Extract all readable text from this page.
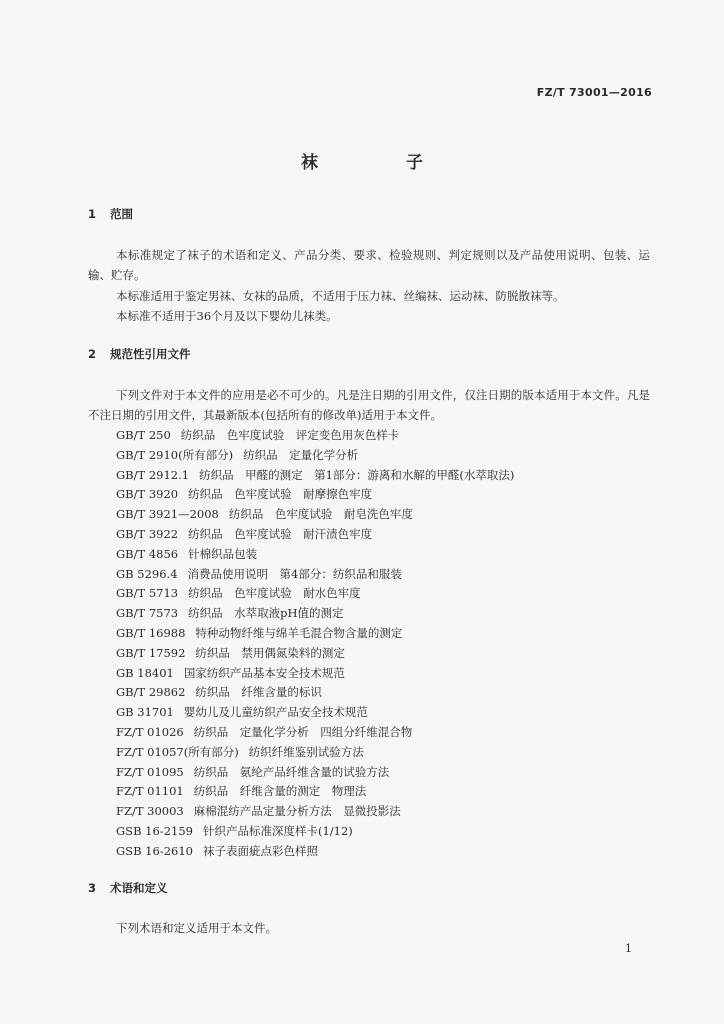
FZ/T 73001—2016
袜子
1 范围
本标准规定了袜子的术语和定义、产品分类、要求、检验规则、判定规则以及产品使用说明、包装、运输、贮存。
本标准适用于鉴定男袜、女袜的品质，不适用于压力袜、丝编袜、运动袜、防脱散袜等。
本标准不适用于36个月及以下婴幼儿袜类。
2 规范性引用文件
下列文件对于本文件的应用是必不可少的。凡是注日期的引用文件，仅注日期的版本适用于本文件。凡是不注日期的引用文件，其最新版本(包括所有的修改单)适用于本文件。
GB/T 250 纺织品　色牢度试验　评定变色用灰色样卡
GB/T 2910(所有部分) 纺织品　定量化学分析
GB/T 2912.1 纺织品　甲醛的测定　第1部分：游离和水解的甲醛(水萃取法)
GB/T 3920 纺织品　色牢度试验　耐摩擦色牢度
GB/T 3921—2008 纺织品　色牢度试验　耐皂洗色牢度
GB/T 3922 纺织品　色牢度试验　耐汗渍色牢度
GB/T 4856 针棉织品包装
GB 5296.4 消费品使用说明　第4部分：纺织品和服装
GB/T 5713 纺织品　色牢度试验　耐水色牢度
GB/T 7573 纺织品　水萃取液pH值的测定
GB/T 16988 特种动物纤维与绵羊毛混合物含量的测定
GB/T 17592 纺织品　禁用偶氮染料的测定
GB 18401 国家纺织产品基本安全技术规范
GB/T 29862 纺织品　纤维含量的标识
GB 31701 婴幼儿及儿童纺织产品安全技术规范
FZ/T 01026 纺织品　定量化学分析　四组分纤维混合物
FZ/T 01057(所有部分) 纺织纤维鉴别试验方法
FZ/T 01095 纺织品　氨纶产品纤维含量的试验方法
FZ/T 01101 纺织品　纤维含量的测定　物理法
FZ/T 30003 麻棉混纺产品定量分析方法　显微投影法
GSB 16-2159 针织产品标准深度样卡(1/12)
GSB 16-2610 袜子表面疵点彩色样照
3 术语和定义
下列术语和定义适用于本文件。
1
